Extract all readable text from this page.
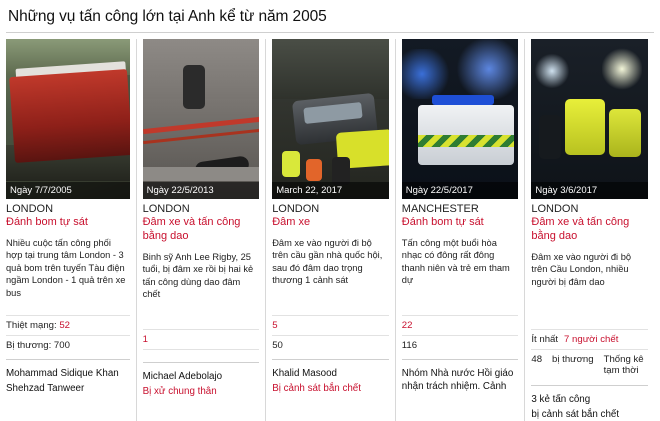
Những vụ tấn công lớn tại Anh kể từ năm 2005
Ngày 7/7/2005
LONDON
Đánh bom tự sát
Nhiều cuộc tấn công phối hợp tại trung tâm London - 3 quả bom trên tuyến Tàu điện ngầm London - 1 quả trên xe bus
Thiệt mạng: 52
Bị thương: 700
Mohammad Sidique Khan
Shehzad Tanweer
Ngày 22/5/2013
LONDON
Đâm xe và tấn công bằng dao
Binh sỹ Anh Lee Rigby, 25 tuổi, bị đâm xe rồi bị hai kẻ tấn công dùng dao đâm chết
1
Michael Adebolajo
Bị xử chung thân
March 22, 2017
LONDON
Đâm xe
Đâm xe vào người đi bộ trên cầu gần nhà quốc hội, sau đó đâm dao trọng thương 1 cảnh sát
5
50
Khalid Masood
Bị cảnh sát bắn chết
Ngày 22/5/2017
MANCHESTER
Đánh bom tự sát
Tấn công một buổi hòa nhạc có đông rất đông thanh niên và trẻ em tham dự
22
116
Nhóm Nhà nước Hồi giáo nhận trách nhiệm. Cảnh
Ngày 3/6/2017
LONDON
Đâm xe và tấn công bằng dao
Đâm xe vào người đi bộ trên Cầu London, nhiều người bị đâm dao
Ít nhất 7 người chết
48 bị thương Thống kê
tạm thời
3 kẻ tấn công
bị cảnh sát bắn chết
